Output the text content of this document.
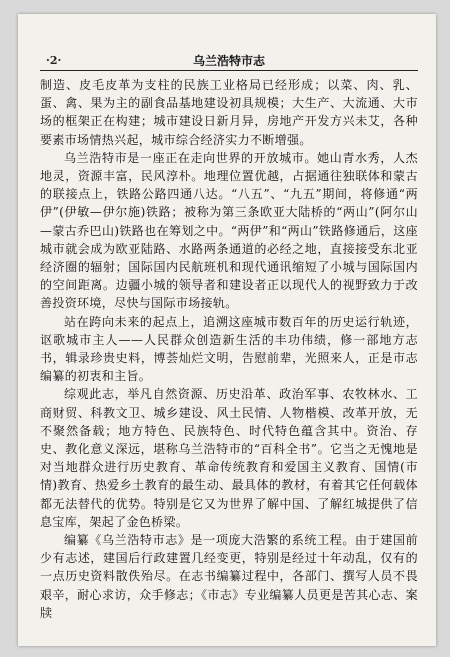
·2·	乌兰浩特市志

制造、皮毛皮革为支柱的民族工业格局已经形成；以菜、肉、乳、蛋、禽、果为主的副食品基地建设初具规模；大生产、大流通、大市场的框架正在构建；城市建设日新月异，房地产开发方兴未艾，各种要素市场情热兴起，城市综合经济实力不断增强。

乌兰浩特市是一座正在走向世界的开放城市。她山青水秀，人杰地灵，资源丰富，民风淳朴。地理位置优越，占据通往独联体和蒙古的联接点上，铁路公路四通八达。“八五”、“九五”期间，将修通“两伊”(伊敏—伊尔施)铁路；被称为第三条欧亚大陆桥的“两山”(阿尔山—蒙古乔巴山)铁路也在筹划之中。“两伊”和“两山”铁路修通后，这座城市就会成为欧亚陆路、水路两条通道的必经之地，直接接受东北亚经济圈的辐射；国际国内民航班机和现代通讯缩短了小城与国际国内的空间距离。边疆小城的领导者和建设者正以现代人的视野致力于改善投资环境，尽快与国际市场接轨。

站在跨向未来的起点上，追溯这座城市数百年的历史运行轨迹，讴歌城市主人——人民群众创造新生活的丰功伟绩，修一部地方志书，辑录珍贵史料，博荟灿烂文明，告慰前辈，光照来人，正是市志编纂的初衷和主旨。

综观此志，举凡自然资源、历史沿革、政治军事、农牧林水、工商财贸、科教文卫、城乡建设、风土民情、人物楷模、改革开放，无不聚然备载；地方特色、民族特色、时代特色蕴含其中。资治、存史、教化意义深远，堪称乌兰浩特市的“百科全书”。它当之无愧地是对当地群众进行历史教育、革命传统教育和爱国主义教育、国情(市情)教育、热爱乡土教育的最生动、最具体的教材，有着其它任何载体都无法替代的优势。特别是它又为世界了解中国、了解红城提供了信息宝库，架起了金色桥梁。

编纂《乌兰浩特市志》是一项庞大浩繁的系统工程。由于建国前少有志述，建国后行政建置几经变更，特别是经过十年动乱，仅有的一点历史资料散佚殆尽。在志书编纂过程中，各部门、撰写人员不畏艰辛，耐心求访，众手修志；《市志》专业编纂人员更是苦其心志、案牍
